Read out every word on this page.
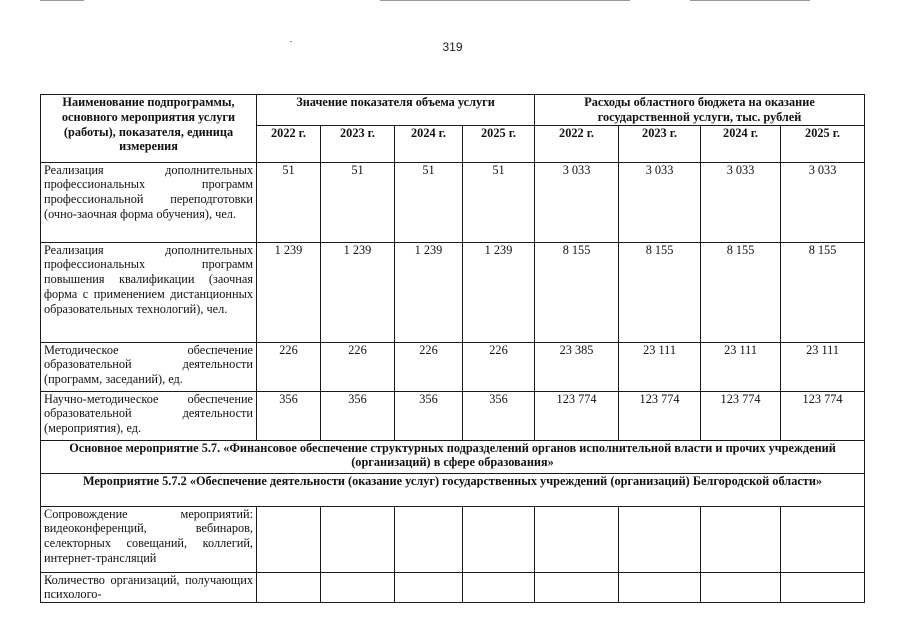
319
Наименование подпрограммы, основного мероприятия услуги (работы), показателя, единица измерения	Значение показателя объема услуги				Расходы областного бюджета на оказание государственной услуги, тыс. рублей			
	2022 г.	2023 г.	2024 г.	2025 г.	2022 г.	2023 г.	2024 г.	2025 г.
Реализация дополнительных профессиональных программ профессиональной переподготовки (очно-заочная форма обучения), чел.	51	51	51	51	3 033	3 033	3 033	3 033
Реализация дополнительных профессиональных программ повышения квалификации (заочная форма с применением дистанционных образовательных технологий), чел.	1 239	1 239	1 239	1 239	8 155	8 155	8 155	8 155
Методическое обеспечение образовательной деятельности (программ, заседаний), ед.	226	226	226	226	23 385	23 111	23 111	23 111
Научно-методическое обеспечение образовательной деятельности (мероприятия), ед.	356	356	356	356	123 774	123 774	123 774	123 774
Основное мероприятие 5.7. «Финансовое обеспечение структурных подразделений органов исполнительной власти и прочих учреждений (организаций) в сфере образования»								
Мероприятие 5.7.2 «Обеспечение деятельности (оказание услуг) государственных учреждений (организаций) Белгородской области»								
Сопровождение мероприятий: видеоконференций, вебинаров, селекторных совещаний, коллегий, интернет-трансляций								
Количество организаций, получающих психолого-								
